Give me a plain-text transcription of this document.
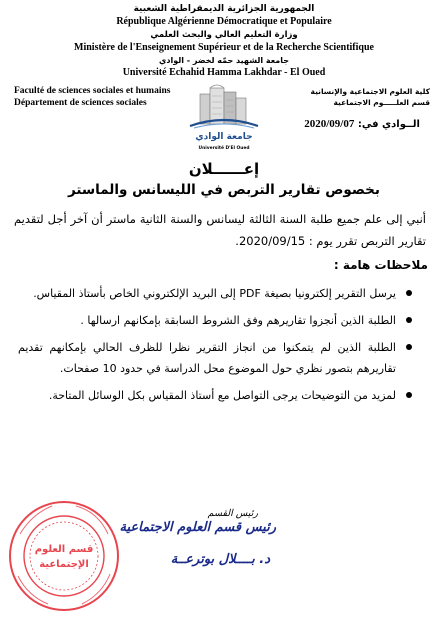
الجمهورية الجزائرية الديمقراطية الشعبية
République Algérienne Démocratique et Populaire
وزارة التعليم العالي والبحث العلمي
Ministère de l'Enseignement Supérieur et de la Recherche Scientifique
جامعة الشهيد حمّه لخضر - الوادي
Université Echahid Hamma Lakhdar - El Oued
Faculté de sciences sociales et humains
Département de sciences sociales
كلية العلوم الاجتماعية والإنسانية
قسم العلـــــوم الاجتماعية
جامعة الوادي
Université D'El Oued
الــوادي في: 2020/09/07
إعــــــلان
بخصوص تقارير التربص في الليسانس والماستر
أنبي إلى علم جميع طلبة السنة الثالثة ليسانس والسنة الثانية ماستر أن آخر أجل لتقديم تقارير التربص تقرر يوم : 2020/09/15.
ملاحظات هامة :
يرسل التقرير إلكترونيا بصيغة PDF إلى البريد الإلكتروني الخاص بأستاذ المقياس.
الطلبة الذين أنجزوا تقاريرهم وفق الشروط السابقة بإمكانهم ارسالها .
الطلبة الذين لم يتمكنوا من انجاز التقرير نظرا للظرف الحالي بإمكانهم تقديم تقاريرهم بتصور نظري حول الموضوع محل الدراسة في حدود 10 صفحات.
لمزيد من التوضيحات يرجى التواصل مع أستاذ المقياس بكل الوسائل المتاحة.
قسم العلوم
الإجتماعية
رئيس القسم
رئيس قسم العلوم الاجتماعية
د. بــــلال بوترعــة
